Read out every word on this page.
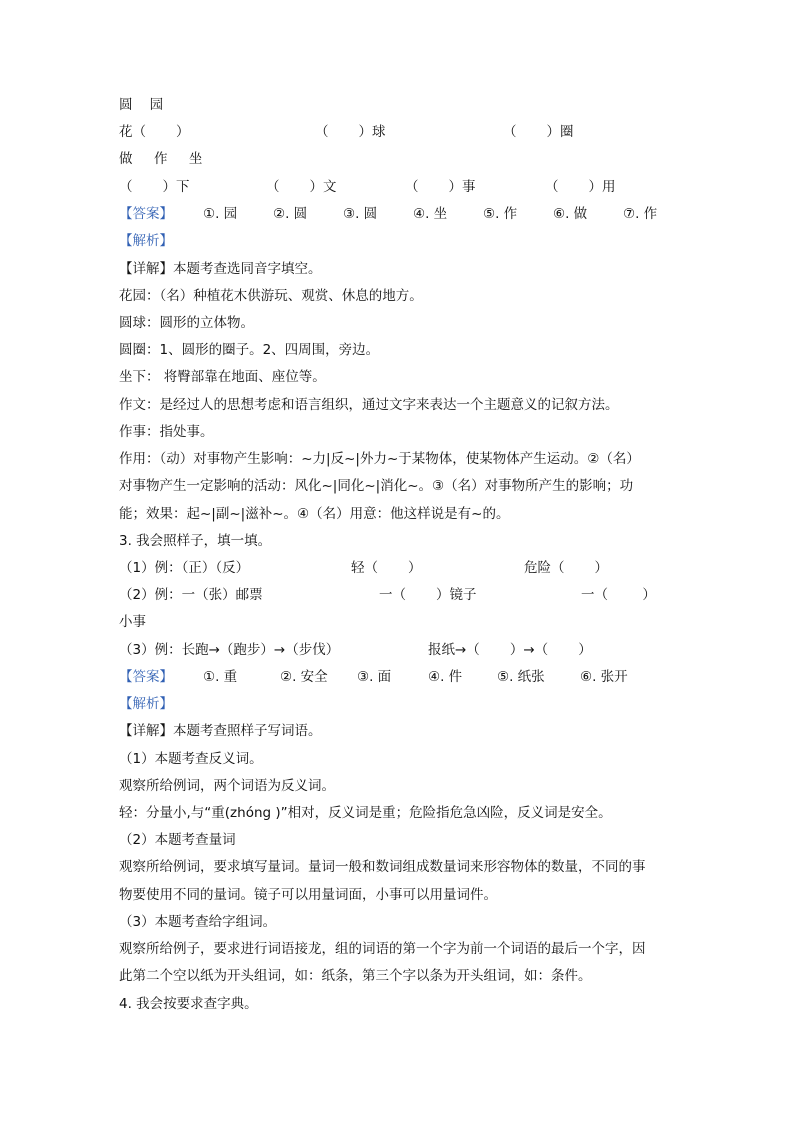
圆    园
花（       ）	（       ）球	（       ）圈
做     作     坐
（       ）下	（       ）文	（       ）事	（       ）用
【答案】 ①. 园	②. 圆	③. 圆	④. 坐	⑤. 作	⑥. 做	⑦. 作
【解析】
【详解】本题考查选同音字填空。
花园：（名）种植花木供游玩、观赏、休息的地方。
圆球：圆形的立体物。
圆圈：1、圆形的圈子。2、四周围，旁边。
坐下： 将臀部靠在地面、座位等。
作文：是经过人的思想考虑和语言组织，通过文字来表达一个主题意义的记叙方法。
作事：指处事。
作用：（动）对事物产生影响：~力|反~|外力~于某物体，使某物体产生运动。②（名）
对事物产生一定影响的活动：风化~|同化~|消化~。③（名）对事物所产生的影响；功
能；效果：起~|副~|滋补~。④（名）用意：他这样说是有~的。
3. 我会照样子，填一填。
（1）例：（正）（反）	轻（       ）	危险（       ）
（2）例：一（张）邮票	一（       ）镜子	一（        ）
小事
（3）例：长跑→（跑步）→（步伐）	报纸→（       ）→（       ）
【答案】 ①. 重	②. 安全 ③. 面	④. 件	⑤. 纸张	⑥. 张开
【解析】
【详解】本题考查照样子写词语。
（1）本题考查反义词。
观察所给例词，两个词语为反义词。
轻：分量小,与“重(zhóng )”相对，反义词是重；危险指危急凶险，反义词是安全。
（2）本题考查量词
观察所给例词，要求填写量词。量词一般和数词组成数量词来形容物体的数量，不同的事
物要使用不同的量词。镜子可以用量词面，小事可以用量词件。
（3）本题考查给字组词。
观察所给例子，要求进行词语接龙，组的词语的第一个字为前一个词语的最后一个字，因
此第二个空以纸为开头组词，如：纸条，第三个字以条为开头组词，如：条件。
4. 我会按要求查字典。
